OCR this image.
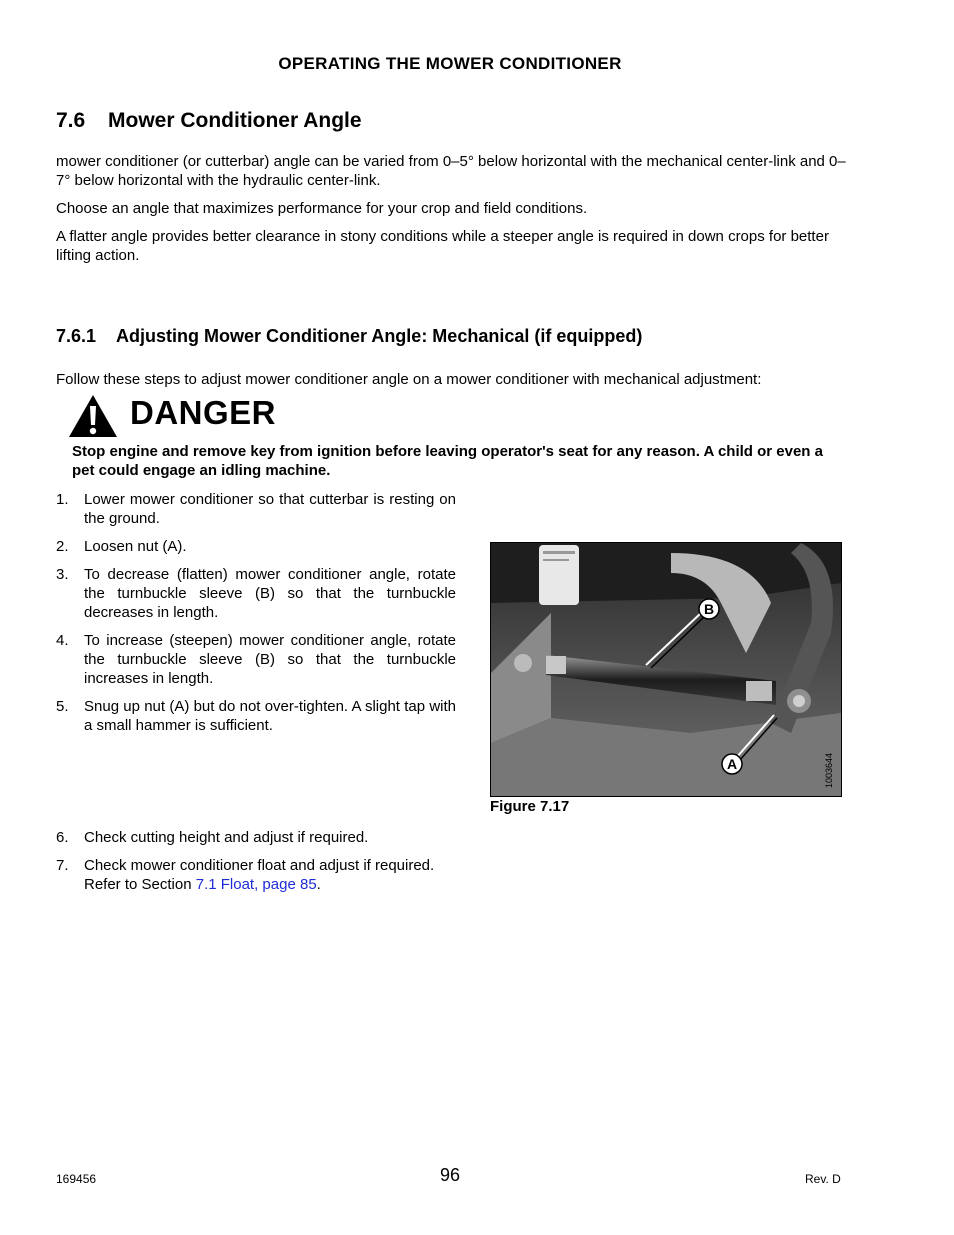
OPERATING THE MOWER CONDITIONER
7.6 Mower Conditioner Angle
mower conditioner (or cutterbar) angle can be varied from 0–5° below horizontal with the mechanical center-link and 0–7° below horizontal with the hydraulic center-link.
Choose an angle that maximizes performance for your crop and field conditions.
A flatter angle provides better clearance in stony conditions while a steeper angle is required in down crops for better lifting action.
7.6.1 Adjusting Mower Conditioner Angle: Mechanical (if equipped)
Follow these steps to adjust mower conditioner angle on a mower conditioner with mechanical adjustment:
DANGER
Stop engine and remove key from ignition before leaving operator's seat for any reason. A child or even a pet could engage an idling machine.
1. Lower mower conditioner so that cutterbar is resting on the ground.
2. Loosen nut (A).
3. To decrease (flatten) mower conditioner angle, rotate the turnbuckle sleeve (B) so that the turnbuckle decreases in length.
4. To increase (steepen) mower conditioner angle, rotate the turnbuckle sleeve (B) so that the turnbuckle increases in length.
5. Snug up nut (A) but do not over-tighten. A slight tap with a small hammer is sufficient.
6. Check cutting height and adjust if required.
7. Check mower conditioner float and adjust if required. Refer to Section 7.1 Float, page 85.
B
A	1003644
Figure 7.17
169456	96	Rev. D
